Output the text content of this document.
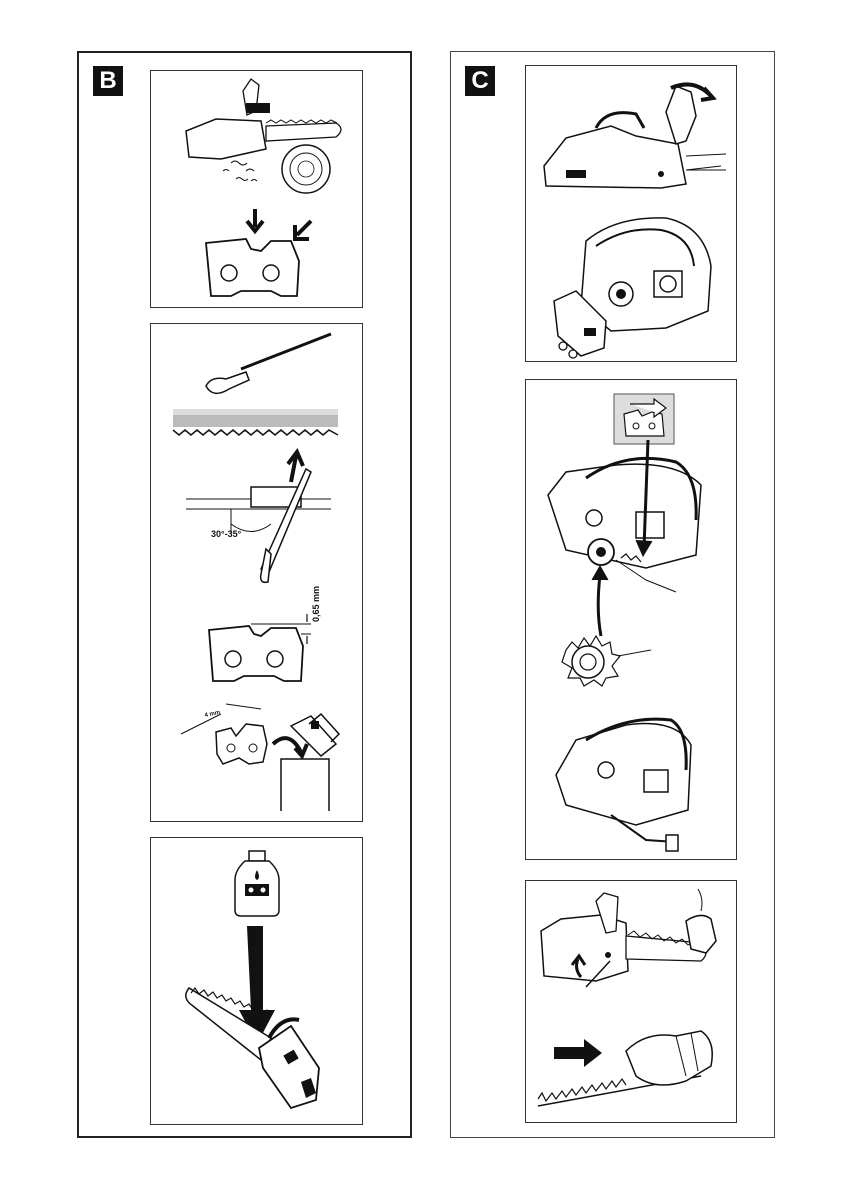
B
30°-35°
0,65 mm
4 mm
C
